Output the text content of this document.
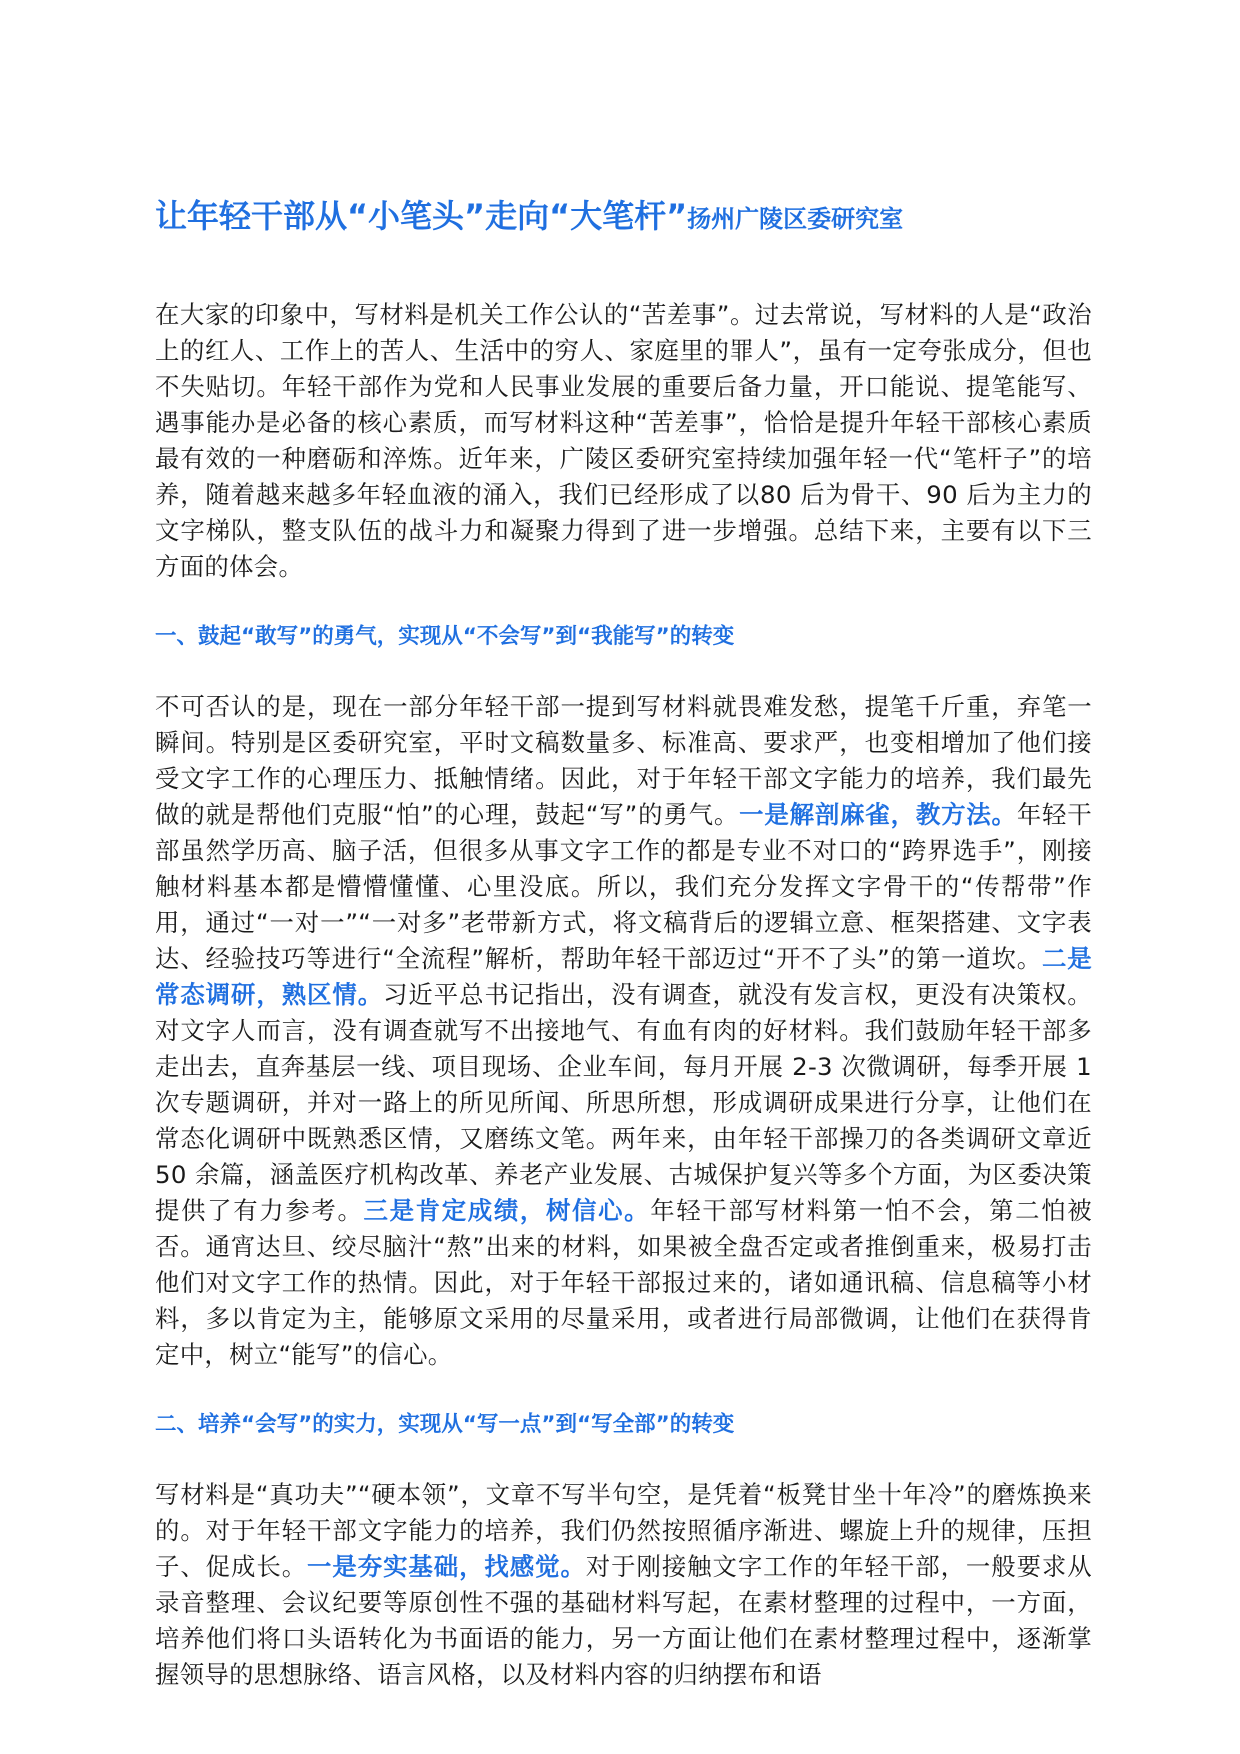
让年轻干部从“小笔头”走向“大笔杆”扬州广陵区委研究室

在大家的印象中，写材料是机关工作公认的“苦差事”。过去常说，写材料的人是“政治上的红人、工作上的苦人、生活中的穷人、家庭里的罪人”，虽有一定夸张成分，但也不失贴切。年轻干部作为党和人民事业发展的重要后备力量，开口能说、提笔能写、遇事能办是必备的核心素质，而写材料这种“苦差事”，恰恰是提升年轻干部核心素质最有效的一种磨砺和淬炼。近年来，广陵区委研究室持续加强年轻一代“笔杆子”的培养，随着越来越多年轻血液的涌入，我们已经形成了以80 后为骨干、90 后为主力的文字梯队，整支队伍的战斗力和凝聚力得到了进一步增强。总结下来，主要有以下三方面的体会。

一、鼓起“敢写”的勇气，实现从“不会写”到“我能写”的转变

不可否认的是，现在一部分年轻干部一提到写材料就畏难发愁，提笔千斤重，弃笔一瞬间。特别是区委研究室，平时文稿数量多、标准高、要求严，也变相增加了他们接受文字工作的心理压力、抵触情绪。因此，对于年轻干部文字能力的培养，我们最先做的就是帮他们克服“怕”的心理，鼓起“写”的勇气。一是解剖麻雀，教方法。年轻干部虽然学历高、脑子活，但很多从事文字工作的都是专业不对口的“跨界选手”，刚接触材料基本都是懵懵懂懂、心里没底。所以，我们充分发挥文字骨干的“传帮带”作用，通过“一对一”“一对多”老带新方式，将文稿背后的逻辑立意、框架搭建、文字表达、经验技巧等进行“全流程”解析，帮助年轻干部迈过“开不了头”的第一道坎。二是常态调研，熟区情。习近平总书记指出，没有调查，就没有发言权，更没有决策权。对文字人而言，没有调查就写不出接地气、有血有肉的好材料。我们鼓励年轻干部多走出去，直奔基层一线、项目现场、企业车间，每月开展 2-3 次微调研，每季开展 1 次专题调研，并对一路上的所见所闻、所思所想，形成调研成果进行分享，让他们在常态化调研中既熟悉区情，又磨练文笔。两年来，由年轻干部操刀的各类调研文章近 50 余篇，涵盖医疗机构改革、养老产业发展、古城保护复兴等多个方面，为区委决策提供了有力参考。三是肯定成绩，树信心。年轻干部写材料第一怕不会，第二怕被否。通宵达旦、绞尽脑汁“熬”出来的材料，如果被全盘否定或者推倒重来，极易打击他们对文字工作的热情。因此，对于年轻干部报过来的，诸如通讯稿、信息稿等小材料，多以肯定为主，能够原文采用的尽量采用，或者进行局部微调，让他们在获得肯定中，树立“能写”的信心。

二、培养“会写”的实力，实现从“写一点”到“写全部”的转变

写材料是“真功夫”“硬本领”，文章不写半句空，是凭着“板凳甘坐十年冷”的磨炼换来的。对于年轻干部文字能力的培养，我们仍然按照循序渐进、螺旋上升的规律，压担子、促成长。一是夯实基础，找感觉。对于刚接触文字工作的年轻干部，一般要求从录音整理、会议纪要等原创性不强的基础材料写起，在素材整理的过程中，一方面，培养他们将口头语转化为书面语的能力，另一方面让他们在素材整理过程中，逐渐掌握领导的思想脉络、语言风格，以及材料内容的归纳摆布和语
